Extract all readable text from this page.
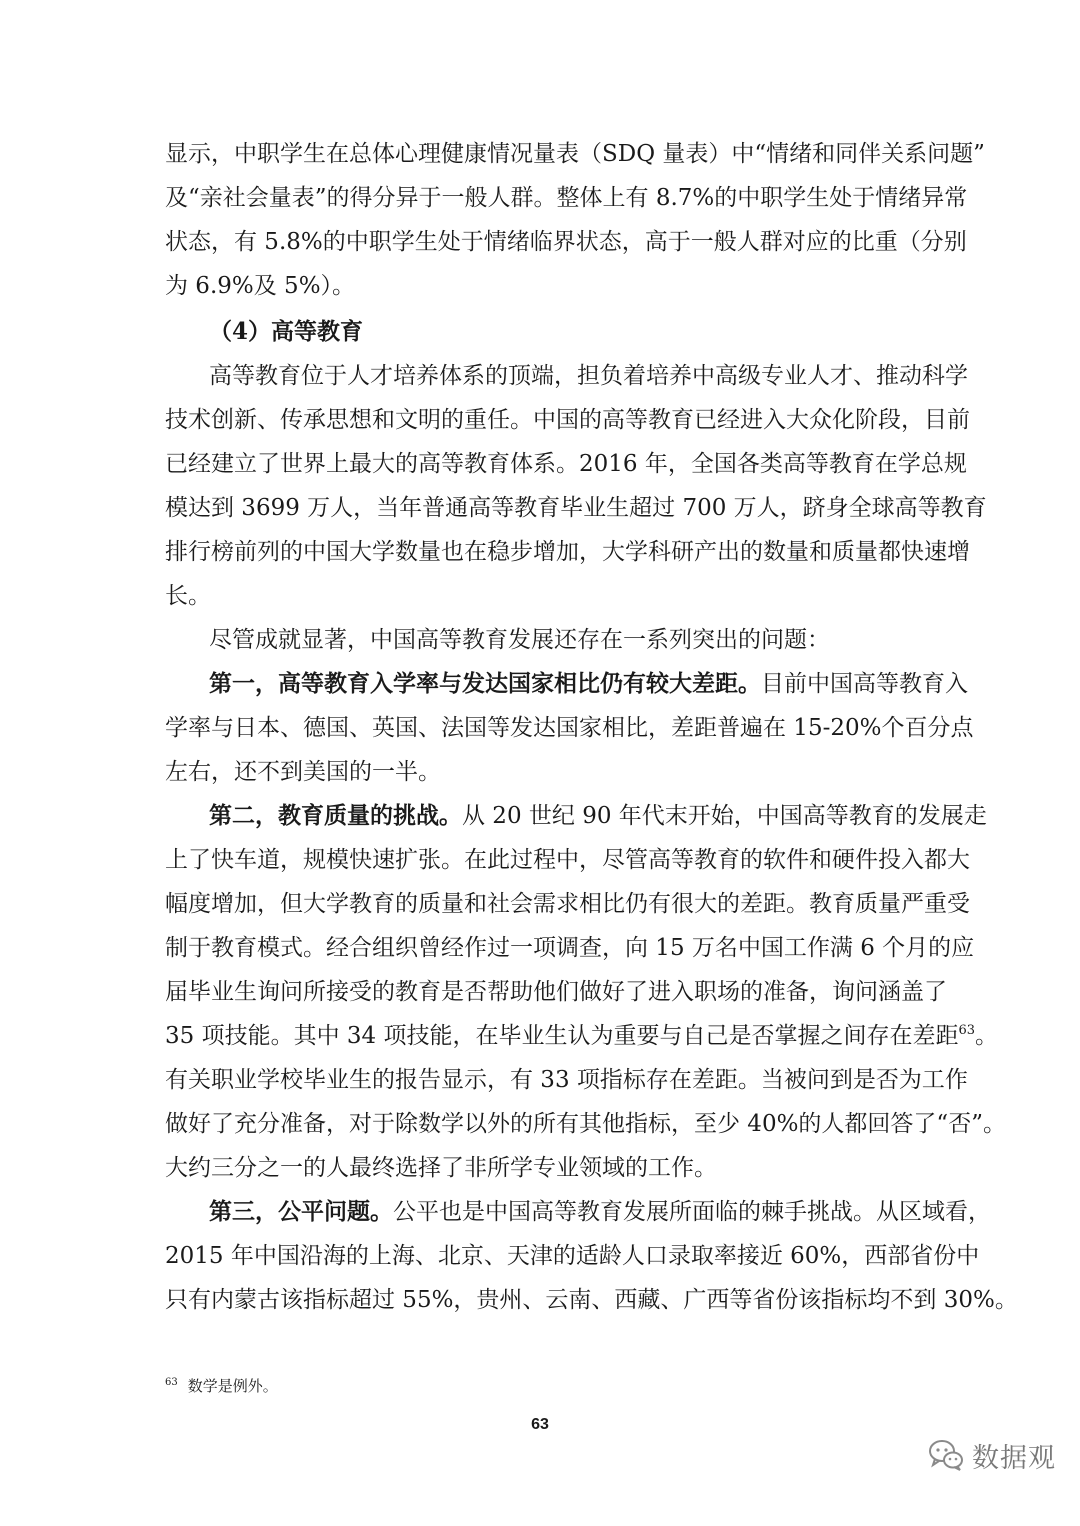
显示，中职学生在总体心理健康情况量表（SDQ 量表）中“情绪和同伴关系问题”
及“亲社会量表”的得分异于一般人群。整体上有 8.7%的中职学生处于情绪异常
状态，有 5.8%的中职学生处于情绪临界状态，高于一般人群对应的比重（分别
为 6.9%及 5%）。
（4）高等教育
高等教育位于人才培养体系的顶端，担负着培养中高级专业人才、推动科学
技术创新、传承思想和文明的重任。中国的高等教育已经进入大众化阶段，目前
已经建立了世界上最大的高等教育体系。2016 年，全国各类高等教育在学总规
模达到 3699 万人，当年普通高等教育毕业生超过 700 万人，跻身全球高等教育
排行榜前列的中国大学数量也在稳步增加，大学科研产出的数量和质量都快速增
长。
尽管成就显著，中国高等教育发展还存在一系列突出的问题：
第一，高等教育入学率与发达国家相比仍有较大差距。目前中国高等教育入
学率与日本、德国、英国、法国等发达国家相比，差距普遍在 15-20%个百分点
左右，还不到美国的一半。
第二，教育质量的挑战。从 20 世纪 90 年代末开始，中国高等教育的发展走
上了快车道，规模快速扩张。在此过程中，尽管高等教育的软件和硬件投入都大
幅度增加，但大学教育的质量和社会需求相比仍有很大的差距。教育质量严重受
制于教育模式。经合组织曾经作过一项调查，向 15 万名中国工作满 6 个月的应
届毕业生询问所接受的教育是否帮助他们做好了进入职场的准备，询问涵盖了
35 项技能。其中 34 项技能，在毕业生认为重要与自己是否掌握之间存在差距$^{63}$。
有关职业学校毕业生的报告显示，有 33 项指标存在差距。当被问到是否为工作
做好了充分准备，对于除数学以外的所有其他指标，至少 40%的人都回答了“否”。
大约三分之一的人最终选择了非所学专业领域的工作。
第三，公平问题。公平也是中国高等教育发展所面临的棘手挑战。从区域看，
2015 年中国沿海的上海、北京、天津的适龄人口录取率接近 60%，西部省份中
只有内蒙古该指标超过 55%，贵州、云南、西藏、广西等省份该指标均不到 30%。

$^{63}$ 数学是例外。

63
数据观
